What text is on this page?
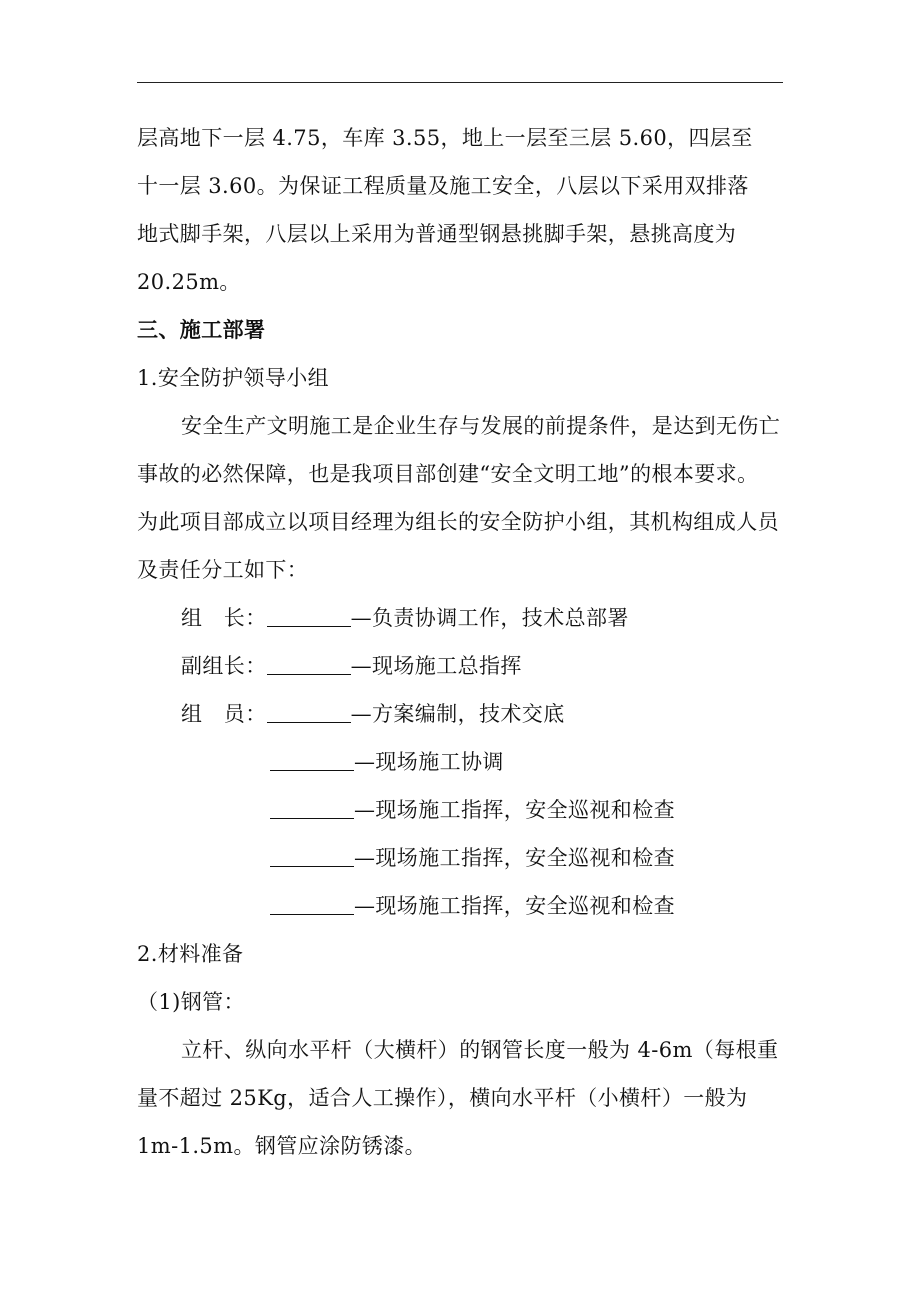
层高地下一层 4.75，车库 3.55，地上一层至三层 5.60，四层至
十一层 3.60。为保证工程质量及施工安全，八层以下采用双排落
地式脚手架，八层以上采用为普通型钢悬挑脚手架，悬挑高度为
20.25m。
三、施工部署
1.安全防护领导小组
安全生产文明施工是企业生存与发展的前提条件，是达到无伤亡
事故的必然保障，也是我项目部创建“安全文明工地”的根本要求。
为此项目部成立以项目经理为组长的安全防护小组，其机构组成人员
及责任分工如下：
组　长：	—负责协调工作，技术总部署
副组长：	—现场施工总指挥
组　员：	—方案编制，技术交底
—现场施工协调
—现场施工指挥，安全巡视和检查
—现场施工指挥，安全巡视和检查
—现场施工指挥，安全巡视和检查
2.材料准备
（1)钢管：
立杆、纵向水平杆（大横杆）的钢管长度一般为 4-6m（每根重
量不超过 25Kg，适合人工操作），横向水平杆（小横杆）一般为
1m-1.5m。钢管应涂防锈漆。
